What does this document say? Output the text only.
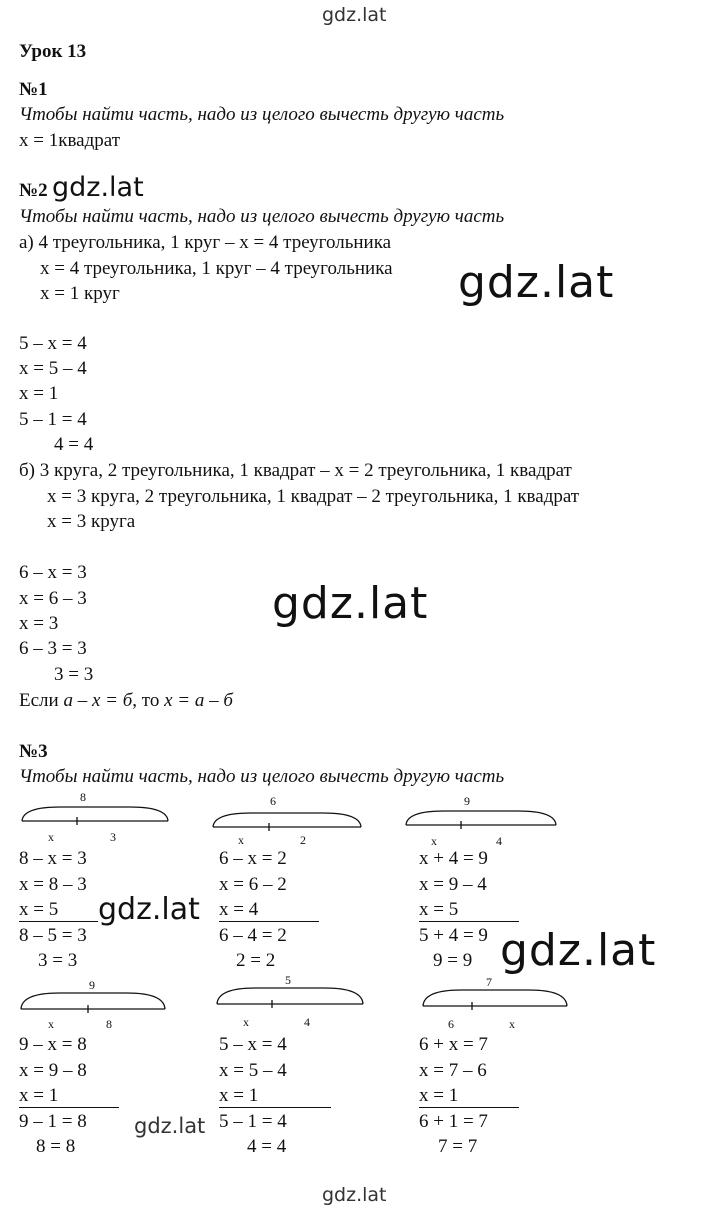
gdz.lat
gdz.lat
Урок 13
№1
Чтобы найти часть, надо из целого вычесть другую часть
x = 1квадрат
№2 gdz.lat
Чтобы найти часть, надо из целого вычесть другую часть
а) 4 треугольника, 1 круг – x = 4 треугольника
x = 4 треугольника, 1 круг – 4 треугольника
x = 1 круг	gdz.lat
5 – x = 4
x = 5 – 4
x = 1
5 – 1 = 4
4 = 4
б) 3 круга, 2 треугольника, 1 квадрат – x = 2 треугольника, 1 квадрат
x = 3 круга, 2 треугольника, 1 квадрат – 2 треугольника, 1 квадрат
x = 3 круга
6 – x = 3
x = 6 – 3
x = 3
6 – 3 = 3
3 = 3
gdz.lat
Если а – x = б, то x = а – б
№3
Чтобы найти часть, надо из целого вычесть другую часть
8
x	3
8 – x = 3
x = 8 – 3
x = 5
8 – 5 = 3
3 = 3
6
x	2
6 – x = 2
x = 6 – 2
x = 4
6 – 4 = 2
2 = 2
9
x	4
x + 4 = 9
x = 9 – 4
x = 5
5 + 4 = 9
9 = 9
9
x	8
9 – x = 8
x = 9 – 8
x = 1
9 – 1 = 8
8 = 8
5
x	4
5 – x = 4
x = 5 – 4
x = 1
5 – 1 = 4
4 = 4
7
6	x
6 + x = 7
x = 7 – 6
x = 1
6 + 1 = 7
7 = 7
gdz.lat
gdz.lat
gdz.lat
